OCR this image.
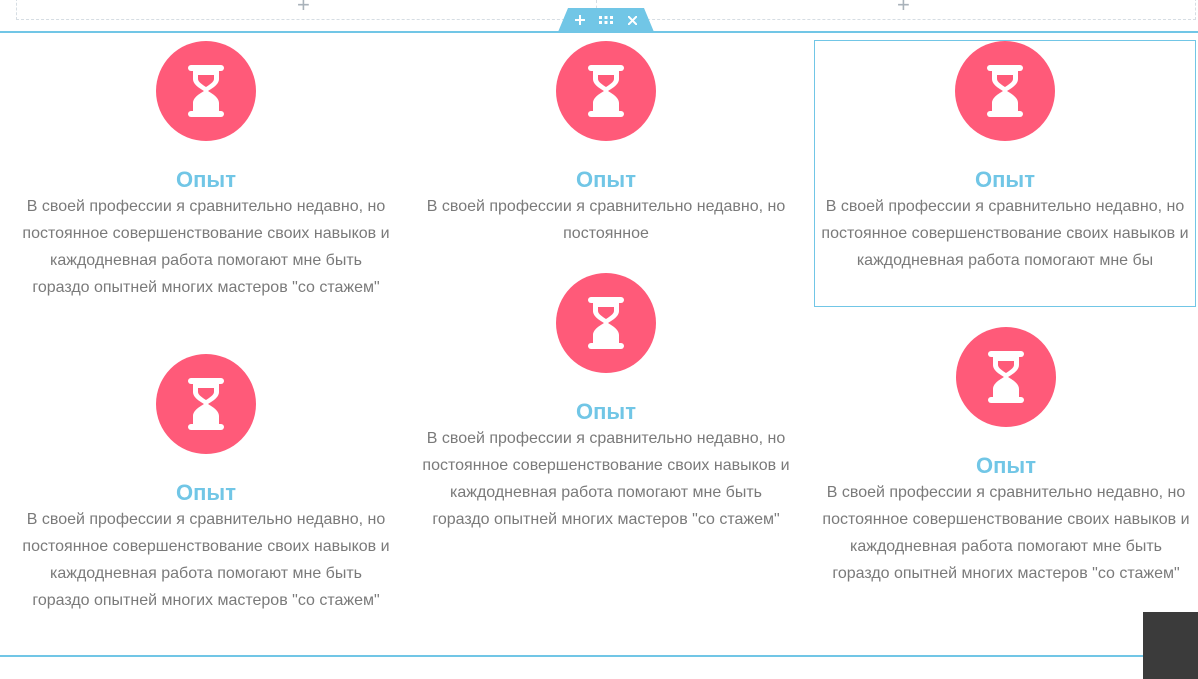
+	+
Опыт
В своей профессии я сравнительно недавно, но постоянное совершенствование своих навыков и каждодневная работа помогают мне быть гораздо опытней многих мастеров "со стажем"
Опыт
В своей профессии я сравнительно недавно, но постоянное совершенствование своих навыков и каждодневная работа помогают мне быть гораздо опытней многих мастеров "со стажем"
Опыт
В своей профессии я сравнительно недавно, но постоянное
Опыт
В своей профессии я сравнительно недавно, но постоянное совершенствование своих навыков и каждодневная работа помогают мне быть гораздо опытней многих мастеров "со стажем"
Опыт
В своей профессии я сравнительно недавно, но постоянное совершенствование своих навыков и каждодневная работа помогают мне бы
Опыт
В своей профессии я сравнительно недавно, но постоянное совершенствование своих навыков и каждодневная работа помогают мне быть гораздо опытней многих мастеров "со стажем"
